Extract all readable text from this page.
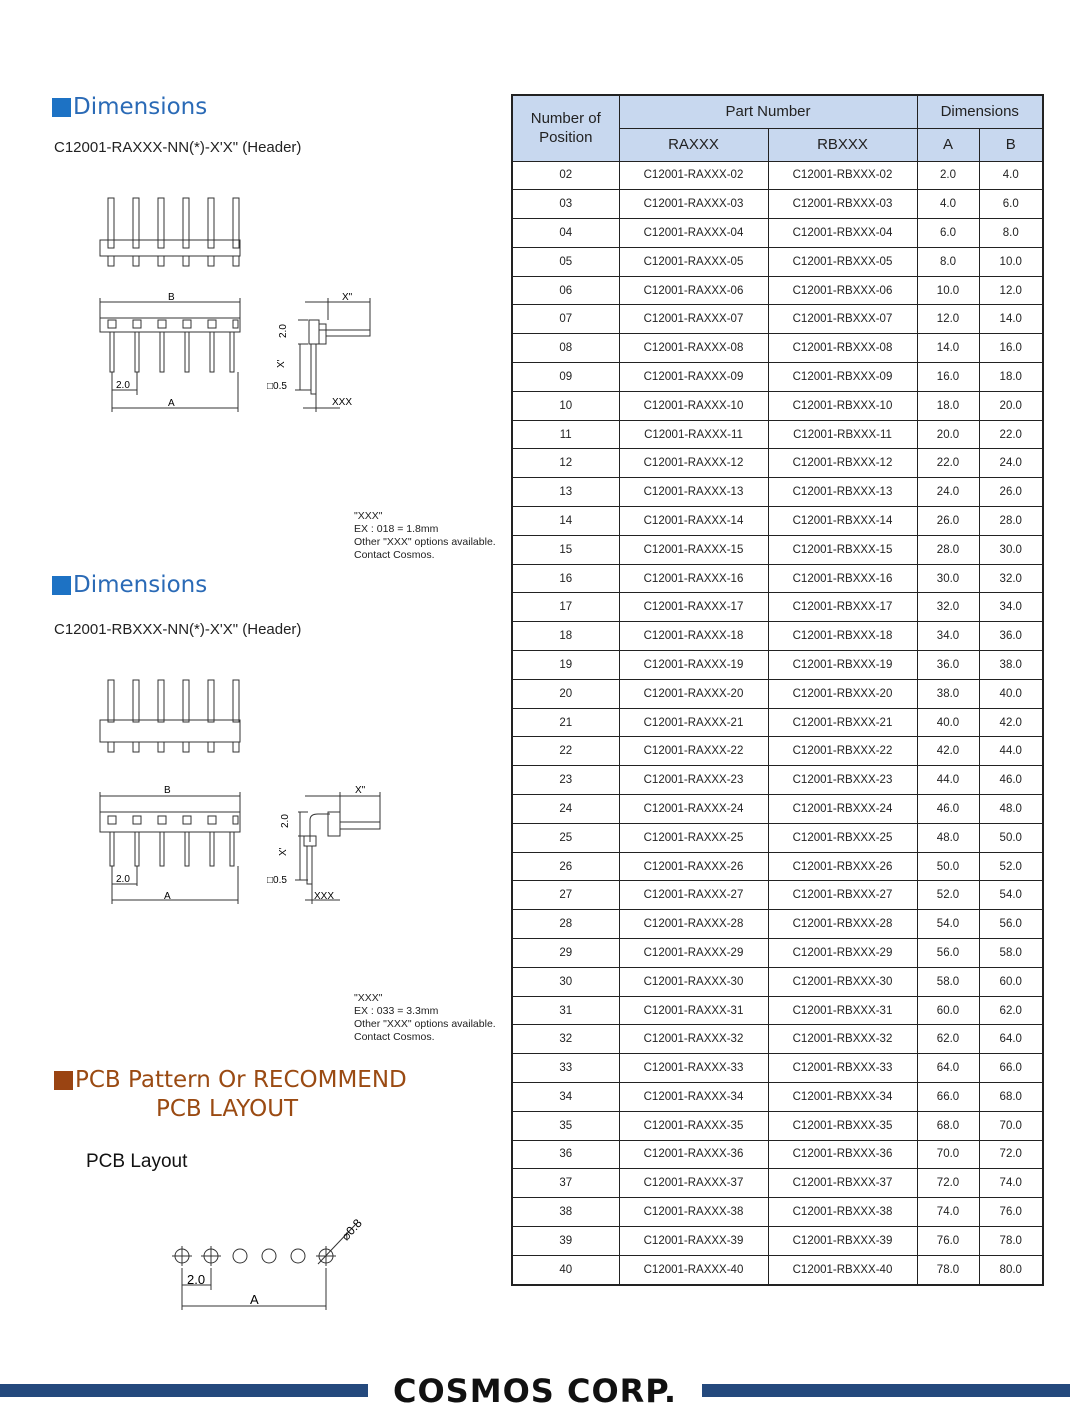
Dimensions
C12001-RAXXX-NN(*)-X'X" (Header)
B
2.0
A
X"
2.0
X'
□0.5
XXX
"XXX"
EX : 018 = 1.8mm
Other "XXX" options available.
Contact Cosmos.
Dimensions
C12001-RBXXX-NN(*)-X'X" (Header)
B
2.0
A
X"
2.0
X'
□0.5
XXX
"XXX"
EX : 033 = 3.3mm
Other "XXX" options available.
Contact Cosmos.
PCB Pattern Or RECOMMEND
PCB LAYOUT
PCB Layout
⌀0.8
2.0
A
Number of Position	Part Number		Dimensions	
	RAXXX	RBXXX	A	B
02	C12001-RAXXX-02	C12001-RBXXX-02	2.0	4.0
03	C12001-RAXXX-03	C12001-RBXXX-03	4.0	6.0
04	C12001-RAXXX-04	C12001-RBXXX-04	6.0	8.0
05	C12001-RAXXX-05	C12001-RBXXX-05	8.0	10.0
06	C12001-RAXXX-06	C12001-RBXXX-06	10.0	12.0
07	C12001-RAXXX-07	C12001-RBXXX-07	12.0	14.0
08	C12001-RAXXX-08	C12001-RBXXX-08	14.0	16.0
09	C12001-RAXXX-09	C12001-RBXXX-09	16.0	18.0
10	C12001-RAXXX-10	C12001-RBXXX-10	18.0	20.0
11	C12001-RAXXX-11	C12001-RBXXX-11	20.0	22.0
12	C12001-RAXXX-12	C12001-RBXXX-12	22.0	24.0
13	C12001-RAXXX-13	C12001-RBXXX-13	24.0	26.0
14	C12001-RAXXX-14	C12001-RBXXX-14	26.0	28.0
15	C12001-RAXXX-15	C12001-RBXXX-15	28.0	30.0
16	C12001-RAXXX-16	C12001-RBXXX-16	30.0	32.0
17	C12001-RAXXX-17	C12001-RBXXX-17	32.0	34.0
18	C12001-RAXXX-18	C12001-RBXXX-18	34.0	36.0
19	C12001-RAXXX-19	C12001-RBXXX-19	36.0	38.0
20	C12001-RAXXX-20	C12001-RBXXX-20	38.0	40.0
21	C12001-RAXXX-21	C12001-RBXXX-21	40.0	42.0
22	C12001-RAXXX-22	C12001-RBXXX-22	42.0	44.0
23	C12001-RAXXX-23	C12001-RBXXX-23	44.0	46.0
24	C12001-RAXXX-24	C12001-RBXXX-24	46.0	48.0
25	C12001-RAXXX-25	C12001-RBXXX-25	48.0	50.0
26	C12001-RAXXX-26	C12001-RBXXX-26	50.0	52.0
27	C12001-RAXXX-27	C12001-RBXXX-27	52.0	54.0
28	C12001-RAXXX-28	C12001-RBXXX-28	54.0	56.0
29	C12001-RAXXX-29	C12001-RBXXX-29	56.0	58.0
30	C12001-RAXXX-30	C12001-RBXXX-30	58.0	60.0
31	C12001-RAXXX-31	C12001-RBXXX-31	60.0	62.0
32	C12001-RAXXX-32	C12001-RBXXX-32	62.0	64.0
33	C12001-RAXXX-33	C12001-RBXXX-33	64.0	66.0
34	C12001-RAXXX-34	C12001-RBXXX-34	66.0	68.0
35	C12001-RAXXX-35	C12001-RBXXX-35	68.0	70.0
36	C12001-RAXXX-36	C12001-RBXXX-36	70.0	72.0
37	C12001-RAXXX-37	C12001-RBXXX-37	72.0	74.0
38	C12001-RAXXX-38	C12001-RBXXX-38	74.0	76.0
39	C12001-RAXXX-39	C12001-RBXXX-39	76.0	78.0
40	C12001-RAXXX-40	C12001-RBXXX-40	78.0	80.0
COSMOS CORP.
